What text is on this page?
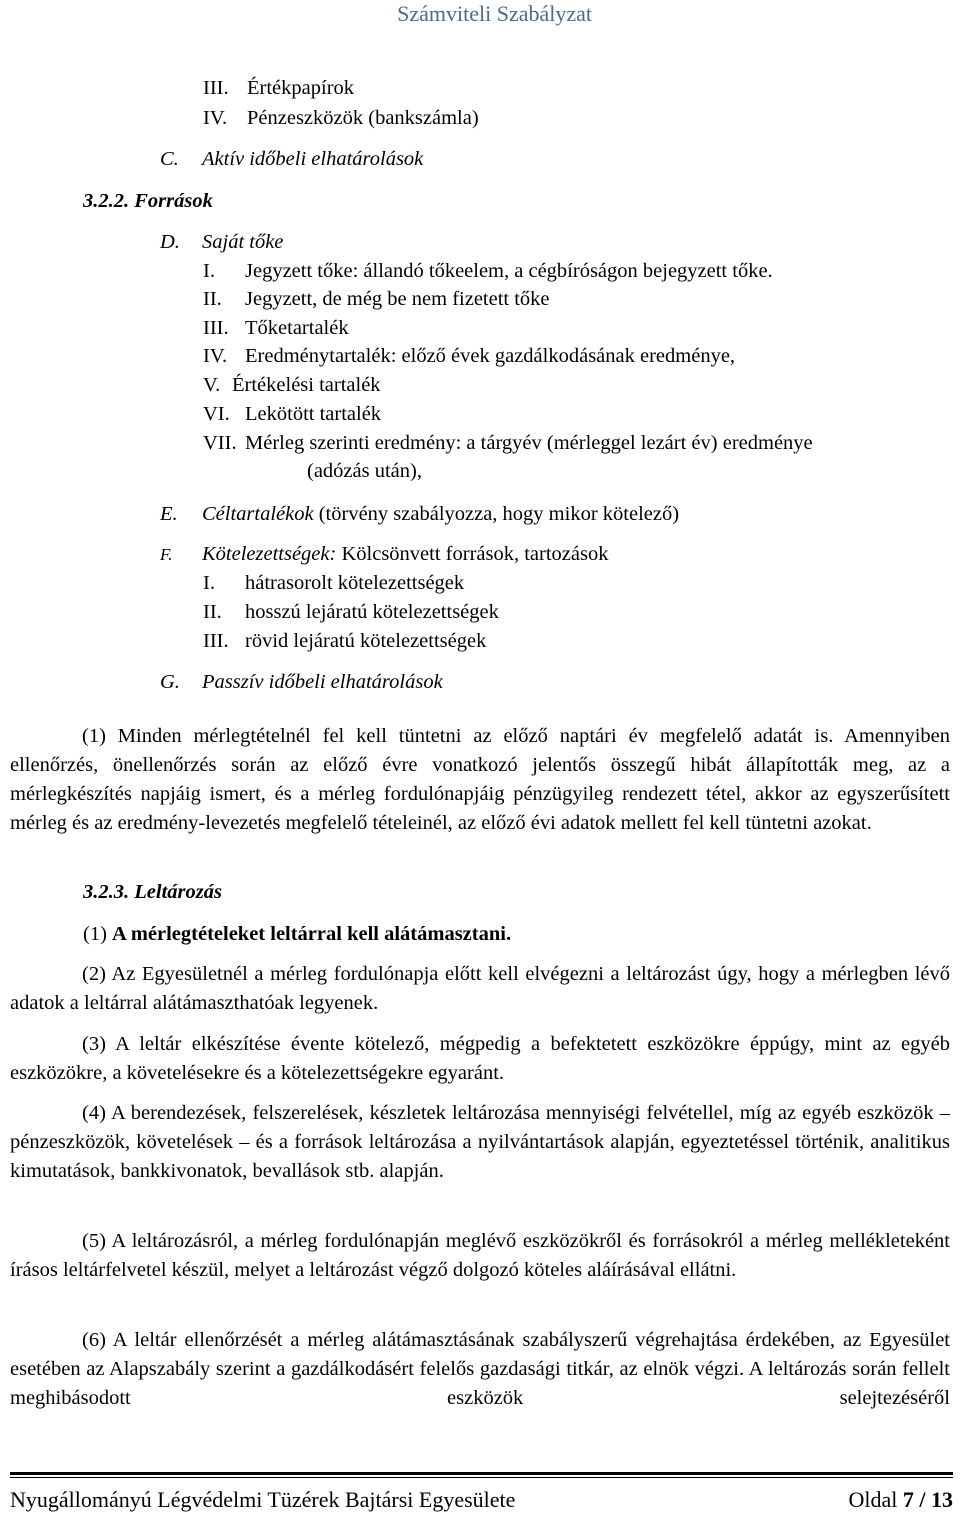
Számviteli Szabályzat
III. Értékpapírok
IV. Pénzeszközök (bankszámla)
C. Aktív időbeli elhatárolások
3.2.2. Források
D. Saját tőke
I. Jegyzett tőke: állandó tőkeelem, a cégbíróságon bejegyzett tőke.
II. Jegyzett, de még be nem fizetett tőke
III. Tőketartalék
IV. Eredménytartalék: előző évek gazdálkodásának eredménye,
V. Értékelési tartalék
VI. Lekötött tartalék
VII. Mérleg szerinti eredmény: a tárgyév (mérleggel lezárt év) eredménye
(adózás után),
E. Céltartalékok (törvény szabályozza, hogy mikor kötelező)
F. Kötelezettségek: Kölcsönvett források, tartozások
I. hátrasorolt kötelezettségek
II. hosszú lejáratú kötelezettségek
III. rövid lejáratú kötelezettségek
G. Passzív időbeli elhatárolások

(1) Minden mérlegtételnél fel kell tüntetni az előző naptári év megfelelő adatát is. Amennyiben ellenőrzés, önellenőrzés során az előző évre vonatkozó jelentős összegű hibát állapították meg, az a mérlegkészítés napjáig ismert, és a mérleg fordulónapjáig pénzügyileg rendezett tétel, akkor az egyszerűsített mérleg és az eredmény-levezetés megfelelő tételeinél, az előző évi adatok mellett fel kell tüntetni azokat.

3.2.3. Leltározás
(1) A mérlegtételeket leltárral kell alátámasztani.

(2) Az Egyesületnél a mérleg fordulónapja előtt kell elvégezni a leltározást úgy, hogy a mérlegben lévő adatok a leltárral alátámaszthatóak legyenek.

(3) A leltár elkészítése évente kötelező, mégpedig a befektetett eszközökre éppúgy, mint az egyéb eszközökre, a követelésekre és a kötelezettségekre egyaránt.

(4) A berendezések, felszerelések, készletek leltározása mennyiségi felvétellel, míg az egyéb eszközök – pénzeszközök, követelések – és a források leltározása a nyilvántartások alapján, egyeztetéssel történik, analitikus kimutatások, bankkivonatok, bevallások stb. alapján.

(5) A leltározásról, a mérleg fordulónapján meglévő eszközökről és forrásokról a mérleg mellékleteként írásos leltárfelvetel készül, melyet a leltározást végző dolgozó köteles aláírásával ellátni.

(6) A leltár ellenőrzését a mérleg alátámasztásának szabályszerű végrehajtása érdekében, az Egyesület esetében az Alapszabály szerint a gazdálkodásért felelős gazdasági titkár, az elnök végzi. A leltározás során fellelt meghibásodott eszközök selejtezéséről

Nyugállományú Légvédelmi Tüzérek Bajtársi Egyesülete	Oldal 7 / 13
